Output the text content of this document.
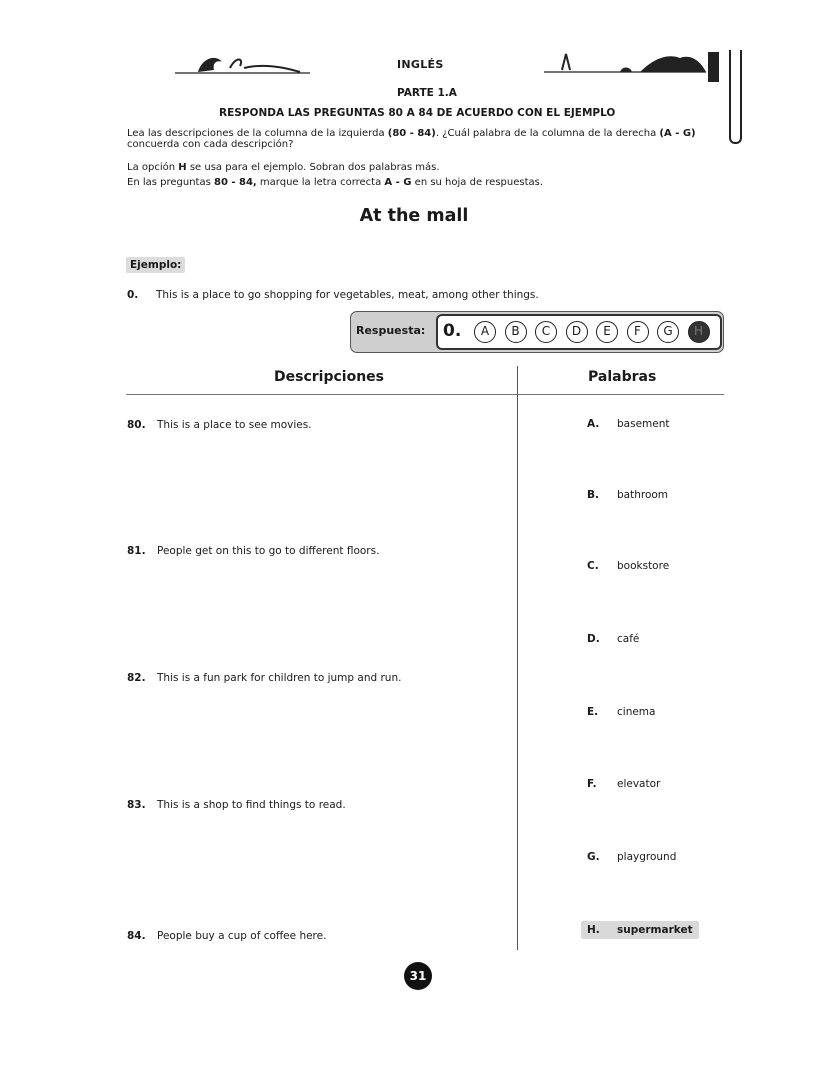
INGLÉS
PARTE 1.A
RESPONDA LAS PREGUNTAS 80 A 84 DE ACUERDO CON EL EJEMPLO
Lea las descripciones de la columna de la izquierda (80 - 84). ¿Cuál palabra de la columna de la derecha (A - G)
concuerda con cada descripción?
La opción H se usa para el ejemplo. Sobran dos palabras más.
En las preguntas 80 - 84, marque la letra correcta A - G en su hoja de respuestas.
At the mall
Ejemplo:
0. This is a place to go shopping for vegetables, meat, among other things.
Respuesta: 0.	A	B	C	D	E	F	G	H
Descripciones	Palabras
80. This is a place to see movies.
81. People get on this to go to different floors.
82. This is a fun park for children to jump and run.
83. This is a shop to find things to read.
84. People buy a cup of coffee here.
A. basement
B. bathroom
C. bookstore
D. café
E. cinema
F. elevator
G. playground
H. supermarket
31
